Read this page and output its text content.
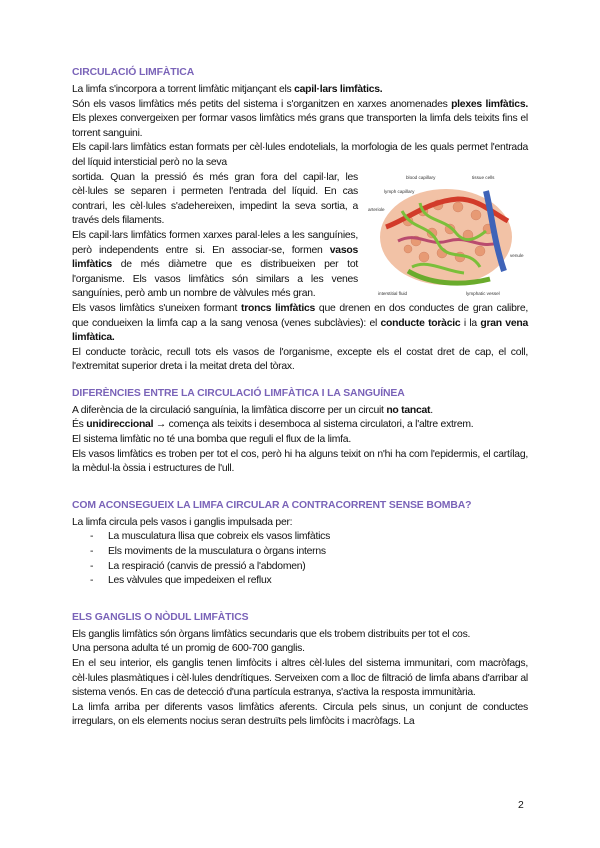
CIRCULACIÓ LIMFÀTICA

La limfa s'incorpora a torrent limfàtic mitjançant els capil·lars limfàtics.

Són els vasos limfàtics més petits del sistema i s'organitzen en xarxes anomenades plexes limfàtics. Els plexes convergeixen per formar vasos limfàtics més grans que transporten la limfa dels teixits fins el torrent sanguini.

Els capil·lars limfàtics estan formats per cèl·lules endotelials, la morfologia de les quals permet l'entrada del líquid intersticial però no la seva

blood capillary	tissue cells
lymph capillary
arteriole
venule
interstitial fluid	lymphatic vessel

sortida. Quan la pressió és més gran fora del capil·lar, les cèl·lules se separen i permeten l'entrada del líquid. En cas contrari, les cèl·lules s'adehereixen, impedint la seva sortia, a través dels filaments.

Els capil·lars limfàtics formen xarxes paral·leles a les sanguínies, però independents entre si. En associar-se, formen vasos limfàtics de més diàmetre que es distribueixen per tot l'organisme. Els vasos limfàtics són similars a les venes sanguínies, però amb un nombre de vàlvules més gran.

Els vasos limfàtics s'uneixen formant troncs limfàtics que drenen en dos conductes de gran calibre, que condueixen la limfa cap a la sang venosa (venes subclàvies): el conducte toràcic i la gran vena limfàtica.

El conducte toràcic, recull tots els vasos de l'organisme, excepte els el costat dret de cap, el coll, l'extremitat superior dreta i la meitat dreta del tòrax.

DIFERÈNCIES ENTRE LA CIRCULACIÓ LIMFÀTICA I LA SANGUÍNEA

A diferència de la circulació sanguínia, la limfàtica discorre per un circuit no tancat.

És unidireccional → comença als teixits i desemboca al sistema circulatori, a l'altre extrem.

El sistema limfàtic no té una bomba que reguli el flux de la limfa.

Els vasos limfàtics es troben per tot el cos, però hi ha alguns teixit on n'hi ha com l'epidermis, el cartílag, la mèdul·la òssia i estructures de l'ull.

COM ACONSEGUEIX LA LIMFA CIRCULAR A CONTRACORRENT SENSE BOMBA?

La limfa circula pels vasos i ganglis impulsada per:

- La musculatura llisa que cobreix els vasos limfàtics
- Els moviments de la musculatura o òrgans interns
- La respiració (canvis de pressió a l'abdomen)
- Les vàlvules que impedeixen el reflux
ELS GANGLIS O NÒDUL LIMFÀTICS

Els ganglis limfàtics són òrgans limfàtics secundaris que els trobem distribuits per tot el cos.

Una persona adulta té un promig de 600-700 ganglis.

En el seu interior, els ganglis tenen limfòcits i altres cèl·lules del sistema immunitari, com macròfags, cèl·lules plasmàtiques i cèl·lules dendrítiques. Serveixen com a lloc de filtració de limfa abans d'arribar al sistema venós. En cas de detecció d'una partícula estranya, s'activa la resposta immunitària.

La limfa arriba per diferents vasos limfàtics aferents. Circula pels sinus, un conjunt de conductes irregulars, on els elements nocius seran destruïts pels limfòcits i macròfags. La

2
